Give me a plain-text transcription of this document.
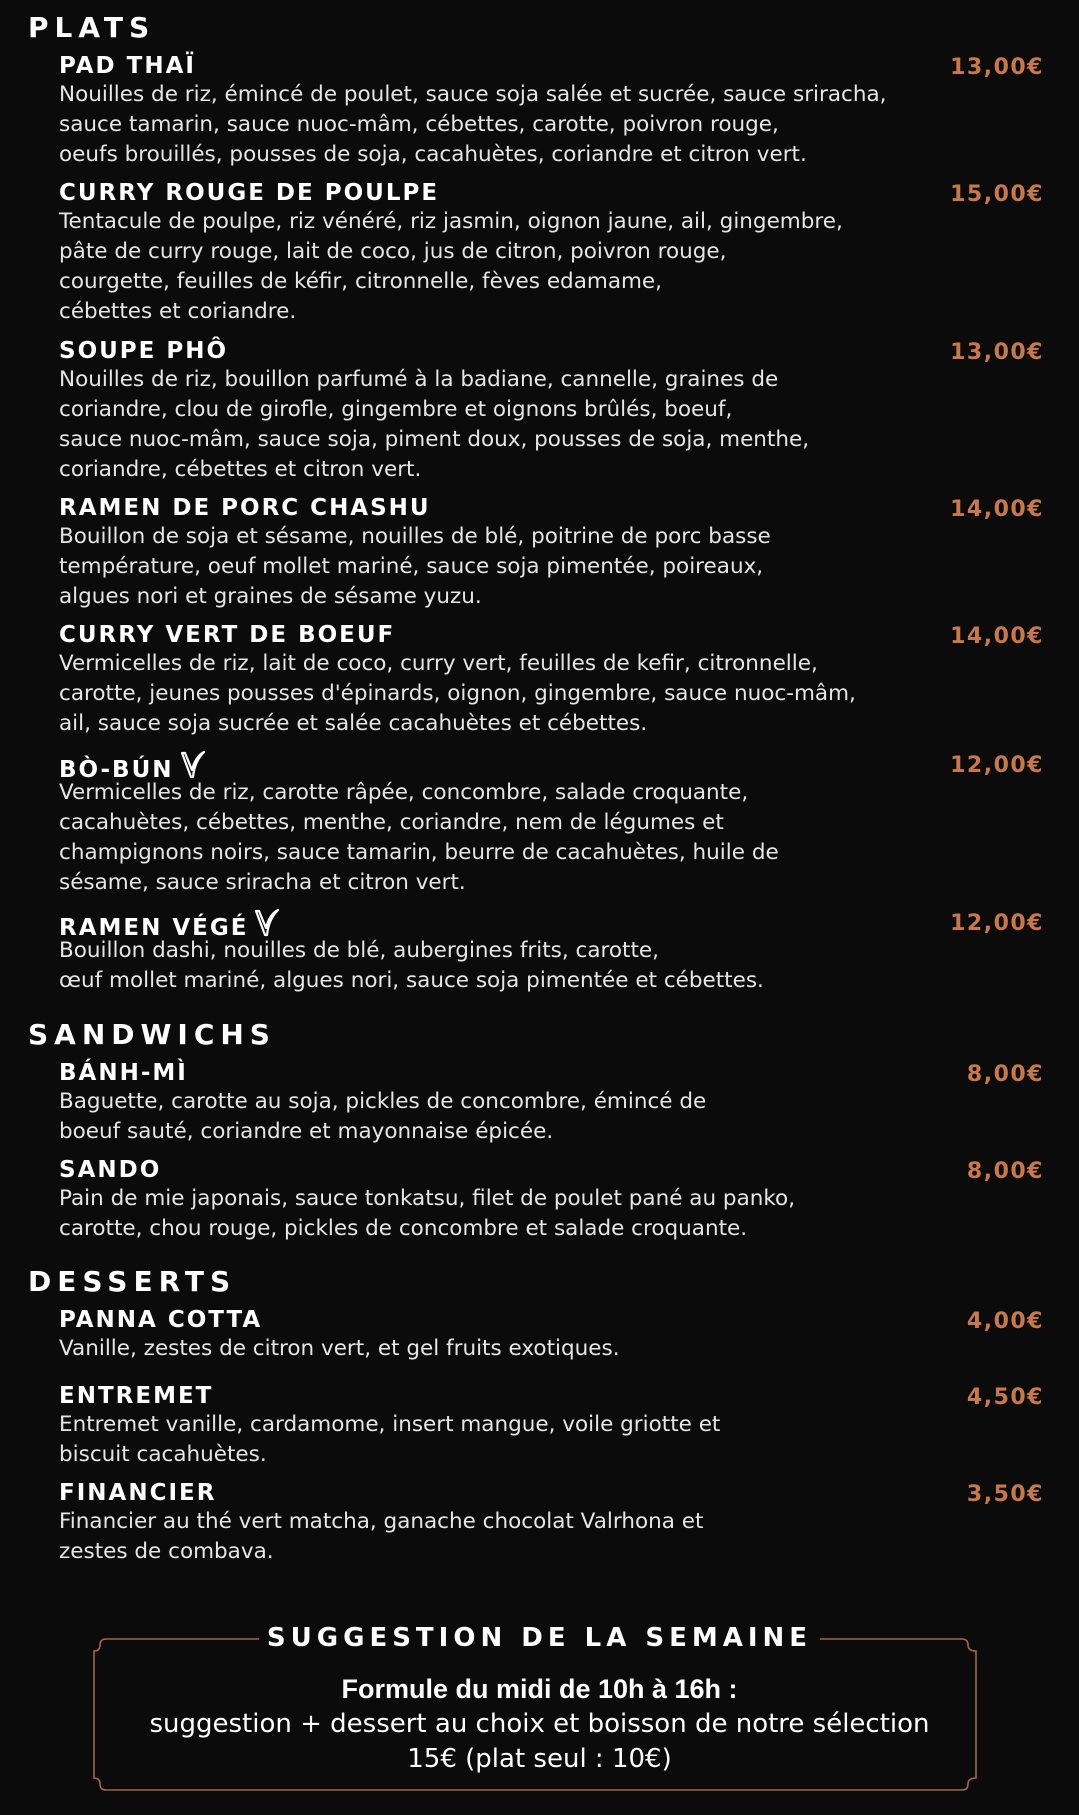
PLATS
PAD THAÏ	13,00€

Nouilles de riz, émincé de poulet, sauce soja salée et sucrée, sauce sriracha,
sauce tamarin, sauce nuoc-mâm, cébettes, carotte, poivron rouge,
oeufs brouillés, pousses de soja, cacahuètes, coriandre et citron vert.

CURRY ROUGE DE POULPE	15,00€

Tentacule de poulpe, riz vénéré, riz jasmin, oignon jaune, ail, gingembre,
pâte de curry rouge, lait de coco, jus de citron, poivron rouge,
courgette, feuilles de kéfir, citronnelle, fèves edamame,
cébettes et coriandre.

SOUPE PHÔ	13,00€

Nouilles de riz, bouillon parfumé à la badiane, cannelle, graines de
coriandre, clou de girofle, gingembre et oignons brûlés, boeuf,
sauce nuoc-mâm, sauce soja, piment doux, pousses de soja, menthe,
coriandre, cébettes et citron vert.

RAMEN DE PORC CHASHU	14,00€

Bouillon de soja et sésame, nouilles de blé, poitrine de porc basse
température, oeuf mollet mariné, sauce soja pimentée, poireaux,
algues nori et graines de sésame yuzu.

CURRY VERT DE BOEUF	14,00€

Vermicelles de riz, lait de coco, curry vert, feuilles de kefir, citronnelle,
carotte, jeunes pousses d'épinards, oignon, gingembre, sauce nuoc-mâm,
ail, sauce soja sucrée et salée cacahuètes et cébettes.

BÒ-BÚN	12,00€

Vermicelles de riz, carotte râpée, concombre, salade croquante,
cacahuètes, cébettes, menthe, coriandre, nem de légumes et
champignons noirs, sauce tamarin, beurre de cacahuètes, huile de
sésame, sauce sriracha et citron vert.

RAMEN VÉGÉ	12,00€

Bouillon dashi, nouilles de blé, aubergines frits, carotte,
œuf mollet mariné, algues nori, sauce soja pimentée et cébettes.

SANDWICHS
BÁNH-MÌ	8,00€

Baguette, carotte au soja, pickles de concombre, émincé de
boeuf sauté, coriandre et mayonnaise épicée.

SANDO	8,00€

Pain de mie japonais, sauce tonkatsu, filet de poulet pané au panko,
carotte, chou rouge, pickles de concombre et salade croquante.

DESSERTS
PANNA COTTA	4,00€

Vanille, zestes de citron vert, et gel fruits exotiques.

ENTREMET	4,50€

Entremet vanille, cardamome, insert mangue, voile griotte et
biscuit cacahuètes.

FINANCIER	3,50€

Financier au thé vert matcha, ganache chocolat Valrhona et
zestes de combava.

SUGGESTION DE LA SEMAINE
Formule du midi de 10h à 16h :
suggestion + dessert au choix et boisson de notre sélection
15€ (plat seul : 10€)
